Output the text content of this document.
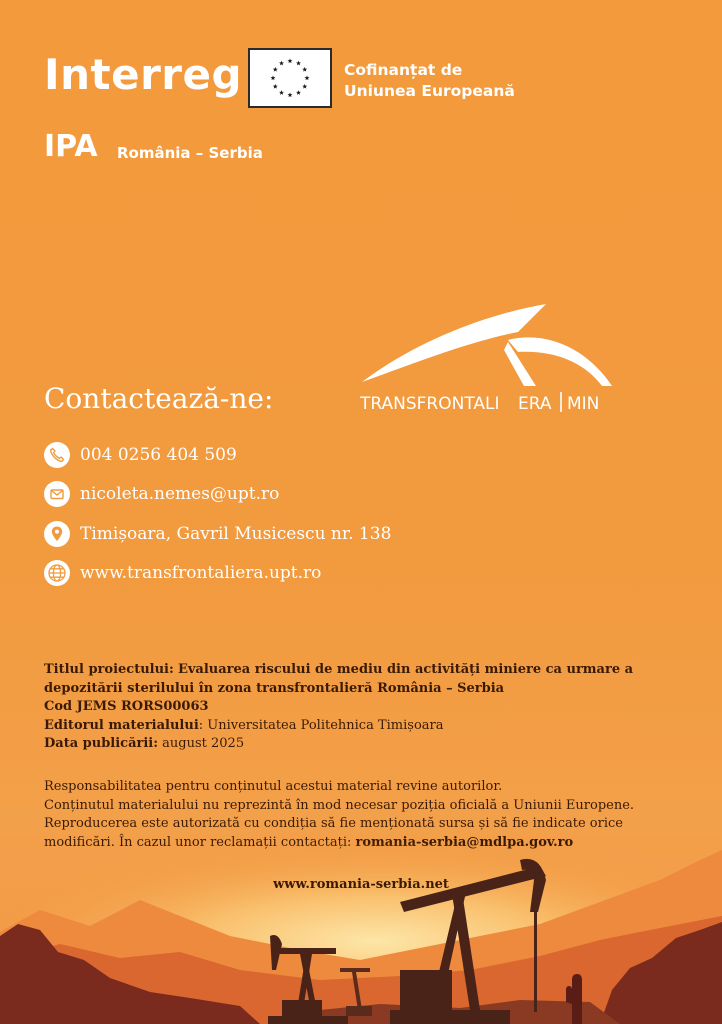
Interreg	Cofinanțat de
Uniunea Europeană
IPA România – Serbia
TRANSFRONTALI ERA MIN
Contactează-ne:
004 0256 404 509
nicoleta.nemes@upt.ro
Timișoara, Gavril Musicescu nr. 138
www.transfrontaliera.upt.ro
Titlul proiectului: Evaluarea riscului de mediu din activități miniere ca urmare a depozitării sterilului în zona transfrontalieră România – Serbia
Cod JEMS RORS00063
Editorul materialului: Universitatea Politehnica Timișoara
Data publicării: august 2025
Responsabilitatea pentru conținutul acestui material revine autorilor.
Conținutul materialului nu reprezintă în mod necesar poziția oficială a Uniunii Europene.
Reproducerea este autorizată cu condiția să fie menționată sursa și să fie indicate orice
www.romania-serbia.net
